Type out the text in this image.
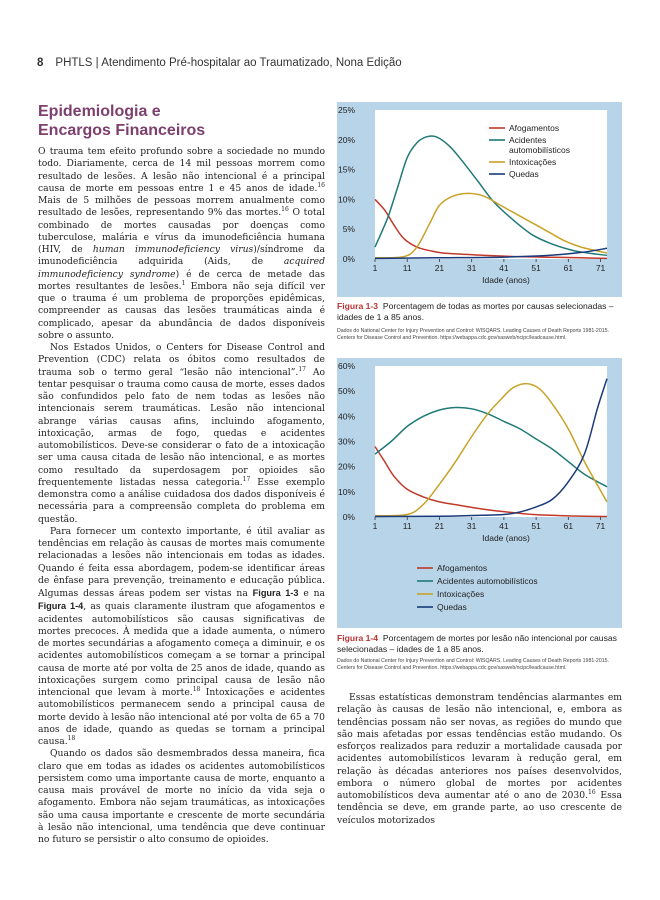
8 PHTLS | Atendimento Pré-hospitalar ao Traumatizado, Nona Edição
Epidemiologia e
Encargos Financeiros

O trauma tem efeito profundo sobre a sociedade no mundo todo. Diariamente, cerca de 14 mil pessoas morrem como resultado de lesões. A lesão não intencional é a principal causa de morte em pessoas entre 1 e 45 anos de idade.$^{16}$ Mais de 5 milhões de pessoas morrem anualmente como resultado de lesões, representando 9% das mortes.$^{16}$ O total combinado de mortes causadas por doenças como tuberculose, malária e vírus da imunodeficiência humana (HIV, de human immunodeficiency virus)/síndrome da imunodeficiência adquirida (Aids, de acquired immunodeficiency syndrome) é de cerca de metade das mortes resultantes de lesões.$^1$ Embora não seja difícil ver que o trauma é um problema de proporções epidêmicas, compreender as causas das lesões traumáticas ainda é complicado, apesar da abundância de dados disponíveis sobre o assunto.

Nos Estados Unidos, o Centers for Disease Control and Prevention (CDC) relata os óbitos como resultados de trauma sob o termo geral “lesão não intencional”.$^{17}$ Ao tentar pesquisar o trauma como causa de morte, esses dados são confundidos pelo fato de nem todas as lesões não intencionais serem traumáticas. Lesão não intencional abrange várias causas afins, incluindo afogamento, intoxicação, armas de fogo, quedas e acidentes automobilísticos. Deve-se considerar o fato de a intoxicação ser uma causa citada de lesão não intencional, e as mortes como resultado da superdosagem por opioides são frequentemente listadas nessa categoria.$^{17}$ Esse exemplo demonstra como a análise cuidadosa dos dados disponíveis é necessária para a compreensão completa do problema em questão.

Para fornecer um contexto importante, é útil avaliar as tendências em relação às causas de mortes mais comumente relacionadas a lesões não intencionais em todas as idades. Quando é feita essa abordagem, podem-se identificar áreas de ênfase para prevenção, treinamento e educação pública. Algumas dessas áreas podem ser vistas na Figura 1-3 e na Figura 1-4, as quais claramente ilustram que afogamentos e acidentes automobilísticos são causas significativas de mortes precoces. À medida que a idade aumenta, o número de mortes secundárias a afogamento começa a diminuir, e os acidentes automobilísticos começam a se tornar a principal causa de morte até por volta de 25 anos de idade, quando as intoxicações surgem como principal causa de lesão não intencional que levam à morte.$^{18}$ Intoxicações e acidentes automobilísticos permanecem sendo a principal causa de morte devido à lesão não intencional até por volta de 65 a 70 anos de idade, quando as quedas se tornam a principal causa.$^{18}$

Quando os dados são desmembrados dessa maneira, fica claro que em todas as idades os acidentes automobilísticos persistem como uma importante causa de morte, enquanto a causa mais provável de morte no início da vida seja o afogamento. Embora não sejam traumáticas, as intoxicações são uma causa importante e crescente de morte secundária à lesão não intencional, uma tendência que deve continuar no futuro se persistir o alto consumo de opioides.

0%
5%
10%
15%
20%
25%
1	11	21	31	41	51	61	71
Idade (anos)
Afogamentos
Acidentes automobilísticos
Intoxicações
Quedas
Figura 1-3 Porcentagem de todas as mortes por causas selecionadas – idades de 1 a 85 anos.
Dados do National Center for Injury Prevention and Control: WISQARS. Leading Causes of Death Reports 1981-2015. Centers for Disease Control and Prevention. https://webappa.cdc.gov/sasweb/ncipc/leadcause.html.
0%
10%
20%
30%
40%
50%
60%
1	11	21	31	41	51	61	71
Idade (anos)
Afogamentos
Acidentes automobilísticos
Intoxicações
Quedas
Figura 1-4 Porcentagem de mortes por lesão não intencional por causas selecionadas – idades de 1 a 85 anos.
Dados do National Center for Injury Prevention and Control: WISQARS. Leading Causes of Death Reports 1981-2015. Centers for Disease Control and Prevention. https://webappa.cdc.gov/sasweb/ncipc/leadcause.html.

Essas estatísticas demonstram tendências alarmantes em relação às causas de lesão não intencional, e, embora as tendências possam não ser novas, as regiões do mundo que são mais afetadas por essas tendências estão mudando. Os esforços realizados para reduzir a mortalidade causada por acidentes automobilísticos levaram à redução geral, em relação às décadas anteriores nos países desenvolvidos, embora o número global de mortes por acidentes automobilísticos deva aumentar até o ano de 2030.16 Essa tendência se deve, em grande parte, ao uso crescente de veículos motorizados
